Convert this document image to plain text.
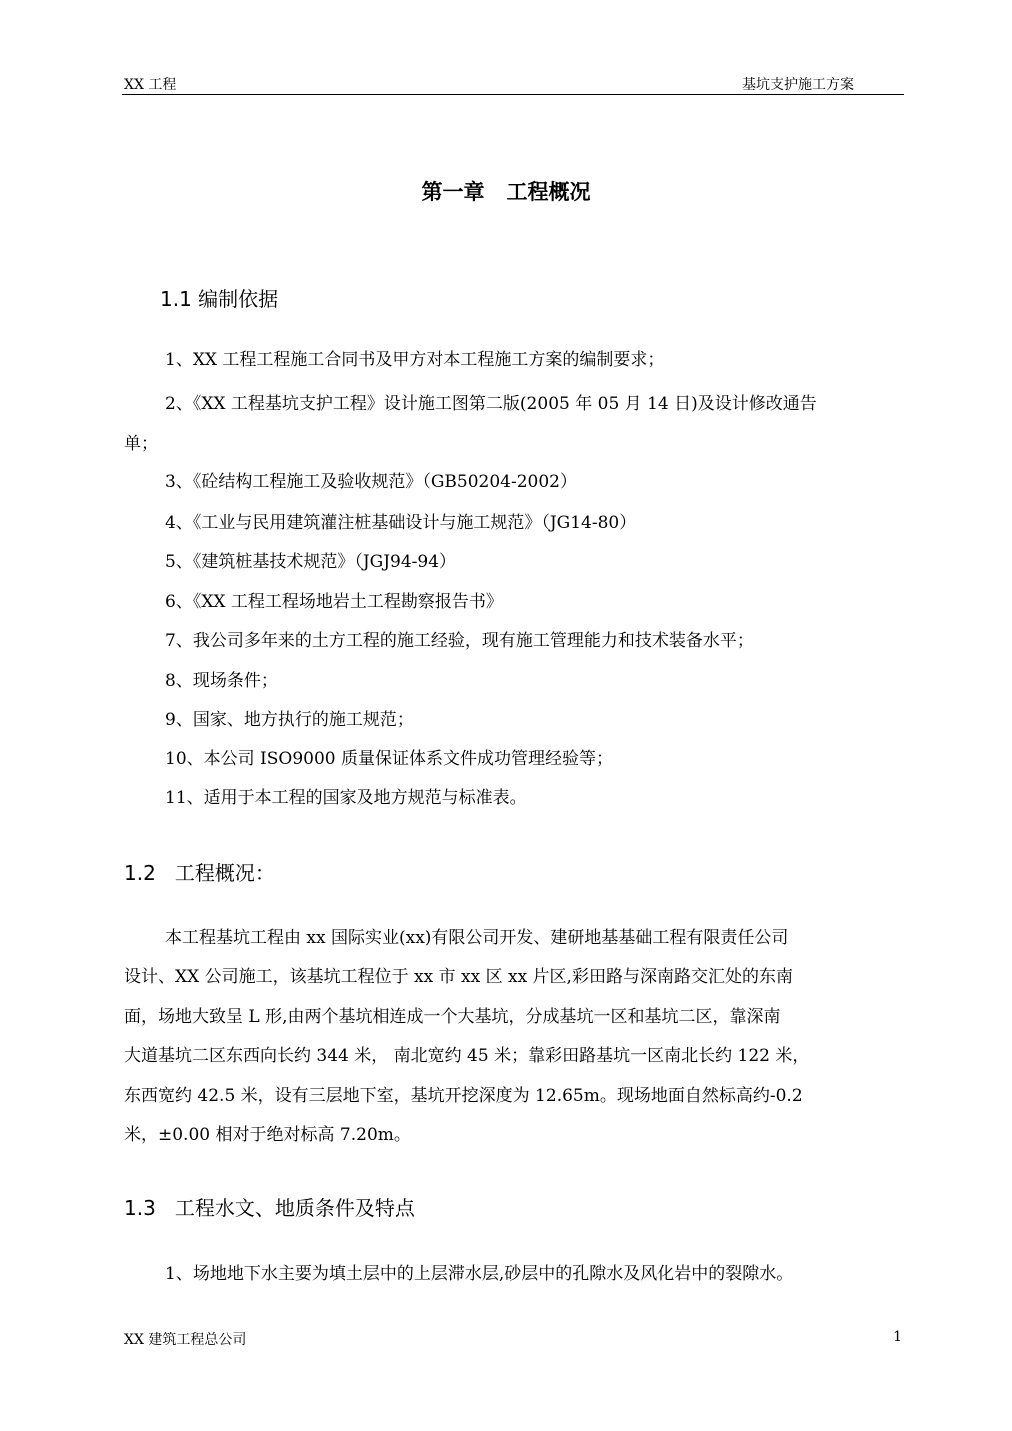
XX 工程	基坑支护施工方案
第一章   工程概况
1.1 编制依据
1、XX 工程工程施工合同书及甲方对本工程施工方案的编制要求；
2、《XX 工程基坑支护工程》设计施工图第二版(2005 年 05 月 14 日)及设计修改通告
单；
3、《砼结构工程施工及验收规范》（GB50204-2002）
4、《工业与民用建筑灌注桩基础设计与施工规范》（JG14-80）
5、《建筑桩基技术规范》（JGJ94-94）
6、《XX 工程工程场地岩土工程勘察报告书》
7、我公司多年来的土方工程的施工经验，现有施工管理能力和技术装备水平；
8、现场条件；
9、国家、地方执行的施工规范；
10、本公司 ISO9000 质量保证体系文件成功管理经验等；
11、适用于本工程的国家及地方规范与标准表。
1.2   工程概况：
本工程基坑工程由 xx 国际实业(xx)有限公司开发、建研地基基础工程有限责任公司
设计、XX 公司施工，该基坑工程位于 xx 市 xx 区 xx 片区,彩田路与深南路交汇处的东南
面，场地大致呈 L 形,由两个基坑相连成一个大基坑，分成基坑一区和基坑二区，靠深南
大道基坑二区东西向长约 344 米， 南北宽约 45 米；靠彩田路基坑一区南北长约 122 米，
东西宽约 42.5 米，设有三层地下室，基坑开挖深度为 12.65m。现场地面自然标高约-0.2
米，±0.00 相对于绝对标高 7.20m。
1.3   工程水文、地质条件及特点
1、场地地下水主要为填土层中的上层滞水层,砂层中的孔隙水及风化岩中的裂隙水。
XX 建筑工程总公司	1
